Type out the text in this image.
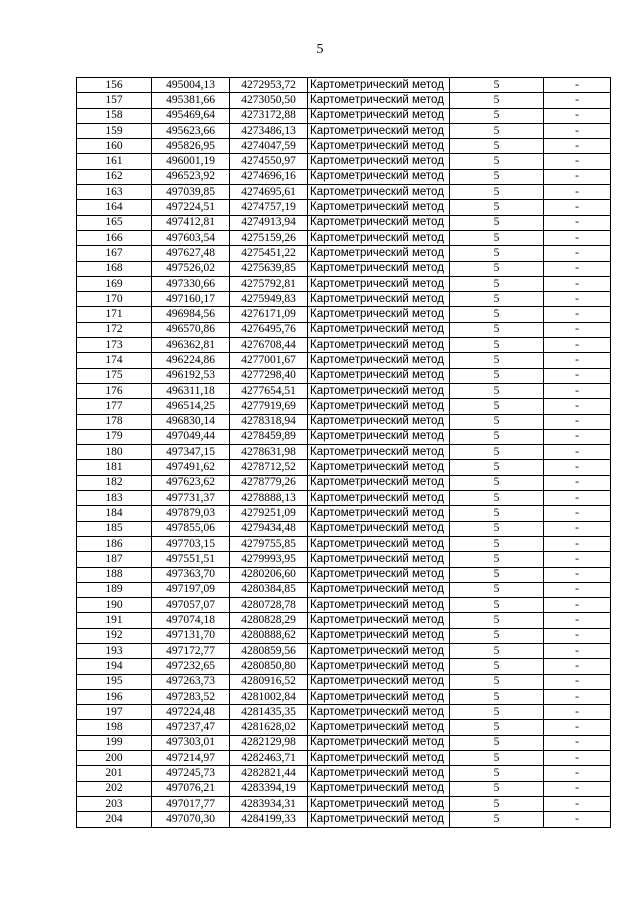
5
156	495004,13	4272953,72	Картометрический метод	5	-
157	495381,66	4273050,50	Картометрический метод	5	-
158	495469,64	4273172,88	Картометрический метод	5	-
159	495623,66	4273486,13	Картометрический метод	5	-
160	495826,95	4274047,59	Картометрический метод	5	-
161	496001,19	4274550,97	Картометрический метод	5	-
162	496523,92	4274696,16	Картометрический метод	5	-
163	497039,85	4274695,61	Картометрический метод	5	-
164	497224,51	4274757,19	Картометрический метод	5	-
165	497412,81	4274913,94	Картометрический метод	5	-
166	497603,54	4275159,26	Картометрический метод	5	-
167	497627,48	4275451,22	Картометрический метод	5	-
168	497526,02	4275639,85	Картометрический метод	5	-
169	497330,66	4275792,81	Картометрический метод	5	-
170	497160,17	4275949,83	Картометрический метод	5	-
171	496984,56	4276171,09	Картометрический метод	5	-
172	496570,86	4276495,76	Картометрический метод	5	-
173	496362,81	4276708,44	Картометрический метод	5	-
174	496224,86	4277001,67	Картометрический метод	5	-
175	496192,53	4277298,40	Картометрический метод	5	-
176	496311,18	4277654,51	Картометрический метод	5	-
177	496514,25	4277919,69	Картометрический метод	5	-
178	496830,14	4278318,94	Картометрический метод	5	-
179	497049,44	4278459,89	Картометрический метод	5	-
180	497347,15	4278631,98	Картометрический метод	5	-
181	497491,62	4278712,52	Картометрический метод	5	-
182	497623,62	4278779,26	Картометрический метод	5	-
183	497731,37	4278888,13	Картометрический метод	5	-
184	497879,03	4279251,09	Картометрический метод	5	-
185	497855,06	4279434,48	Картометрический метод	5	-
186	497703,15	4279755,85	Картометрический метод	5	-
187	497551,51	4279993,95	Картометрический метод	5	-
188	497363,70	4280206,60	Картометрический метод	5	-
189	497197,09	4280384,85	Картометрический метод	5	-
190	497057,07	4280728,78	Картометрический метод	5	-
191	497074,18	4280828,29	Картометрический метод	5	-
192	497131,70	4280888,62	Картометрический метод	5	-
193	497172,77	4280859,56	Картометрический метод	5	-
194	497232,65	4280850,80	Картометрический метод	5	-
195	497263,73	4280916,52	Картометрический метод	5	-
196	497283,52	4281002,84	Картометрический метод	5	-
197	497224,48	4281435,35	Картометрический метод	5	-
198	497237,47	4281628,02	Картометрический метод	5	-
199	497303,01	4282129,98	Картометрический метод	5	-
200	497214,97	4282463,71	Картометрический метод	5	-
201	497245,73	4282821,44	Картометрический метод	5	-
202	497076,21	4283394,19	Картометрический метод	5	-
203	497017,77	4283934,31	Картометрический метод	5	-
204	497070,30	4284199,33	Картометрический метод	5	-
